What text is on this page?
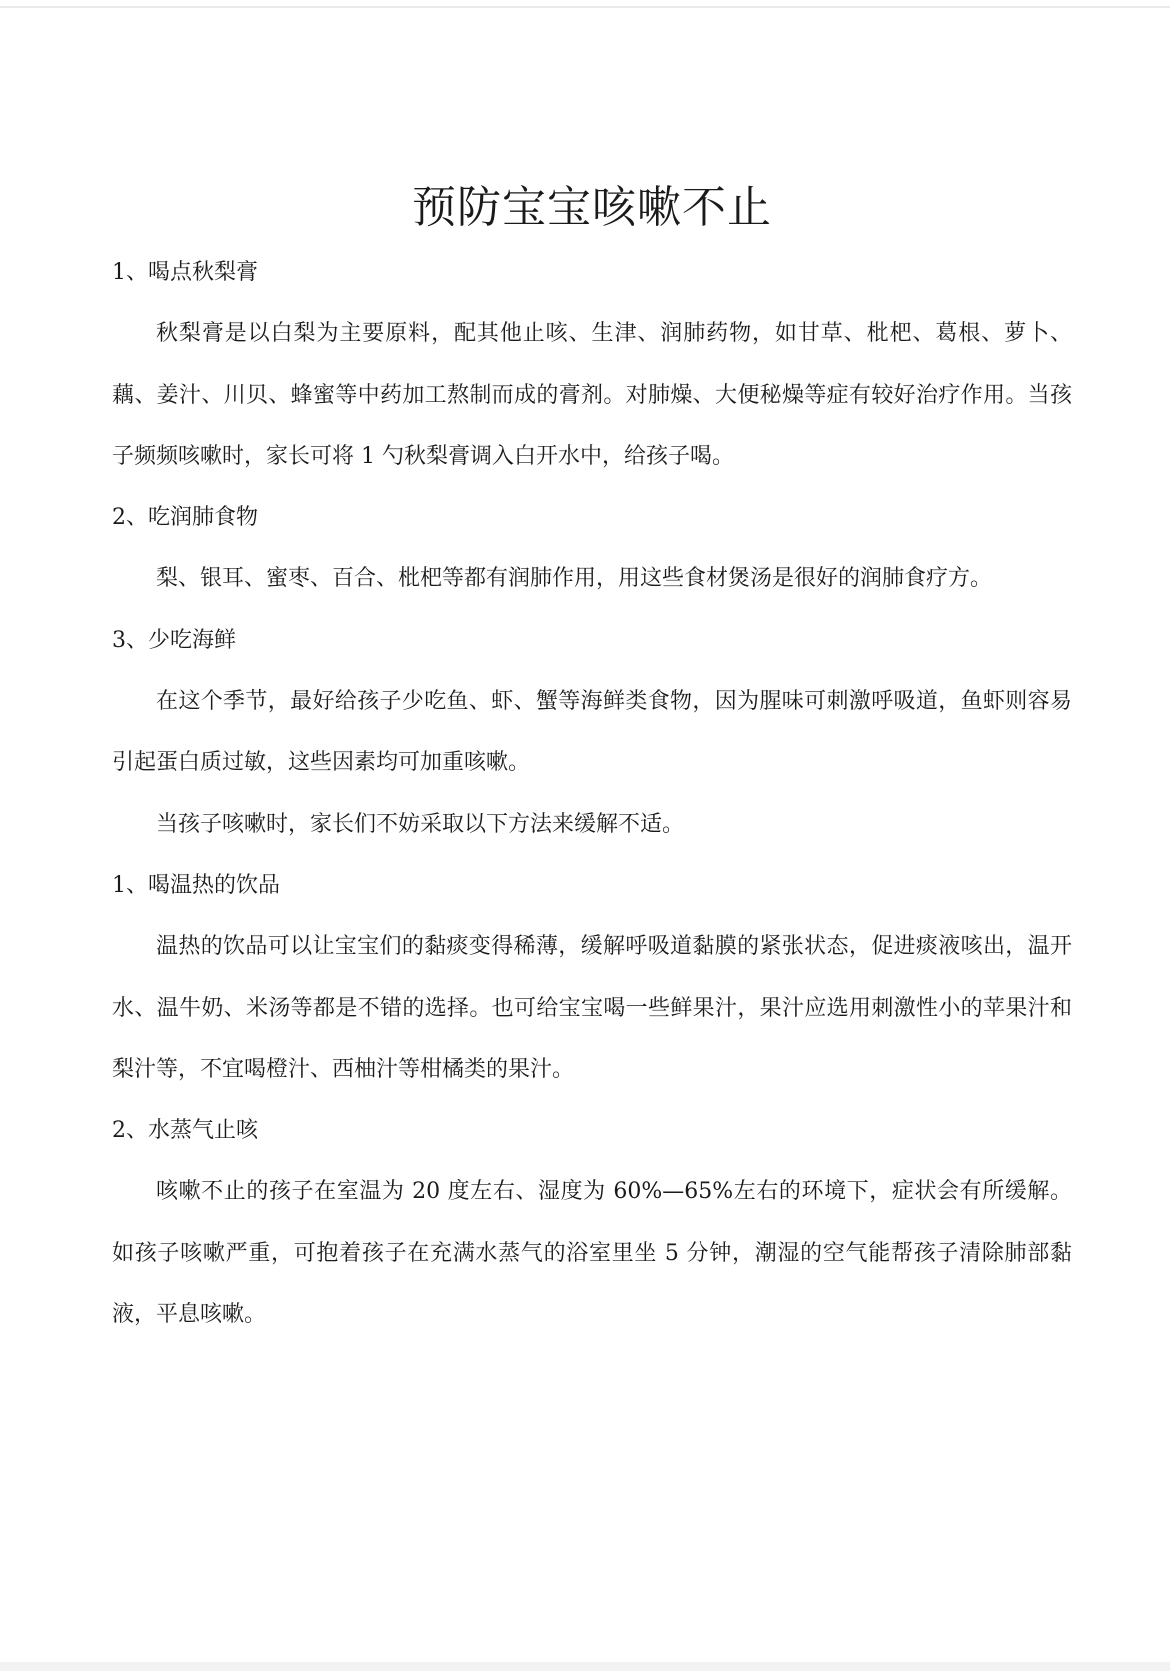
预防宝宝咳嗽不止

1、喝点秋梨膏

秋梨膏是以白梨为主要原料，配其他止咳、生津、润肺药物，如甘草、枇杷、葛根、萝卜、藕、姜汁、川贝、蜂蜜等中药加工熬制而成的膏剂。对肺燥、大便秘燥等症有较好治疗作用。当孩子频频咳嗽时，家长可将 1 勺秋梨膏调入白开水中，给孩子喝。

2、吃润肺食物

梨、银耳、蜜枣、百合、枇杷等都有润肺作用，用这些食材煲汤是很好的润肺食疗方。

3、少吃海鲜

在这个季节，最好给孩子少吃鱼、虾、蟹等海鲜类食物，因为腥味可刺激呼吸道，鱼虾则容易引起蛋白质过敏，这些因素均可加重咳嗽。

当孩子咳嗽时，家长们不妨采取以下方法来缓解不适。

1、喝温热的饮品

温热的饮品可以让宝宝们的黏痰变得稀薄，缓解呼吸道黏膜的紧张状态，促进痰液咳出，温开水、温牛奶、米汤等都是不错的选择。也可给宝宝喝一些鲜果汁，果汁应选用刺激性小的苹果汁和梨汁等，不宜喝橙汁、西柚汁等柑橘类的果汁。

2、水蒸气止咳

咳嗽不止的孩子在室温为 20 度左右、湿度为 60%—65%左右的环境下，症状会有所缓解。如孩子咳嗽严重，可抱着孩子在充满水蒸气的浴室里坐 5 分钟，潮湿的空气能帮孩子清除肺部黏液，平息咳嗽。
